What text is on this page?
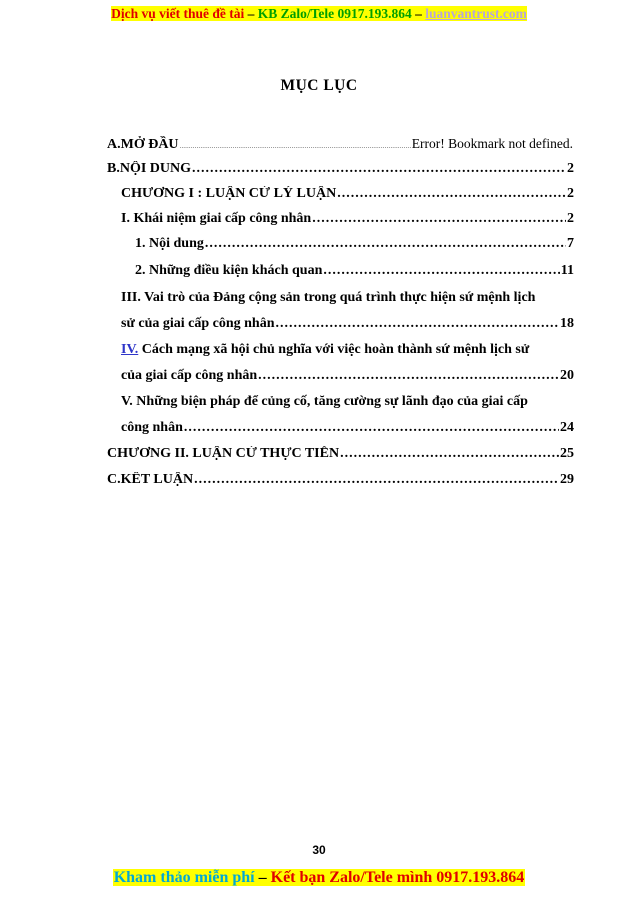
Dịch vụ viết thuê đề tài – KB Zalo/Tele 0917.193.864 – luanvantrust.com
MỤC LỤC
A.MỞ ĐẦU .....	Error! Bookmark not defined.
B.NỘI DUNG .....	2
CHƯƠNG I : LUẬN CỨ LÝ LUẬN .....	2
I. Khái niệm giai cấp công nhân .....	2
1. Nội dung .....	7
2. Những điều kiện khách quan .....	11
III. Vai trò của Đảng cộng sản trong quá trình thực hiện sứ mệnh lịch
sử của giai cấp công nhân .....	18
IV. Cách mạng xã hội chủ nghĩa với việc hoàn thành sứ mệnh lịch sử
của giai cấp công nhân .....	20
V. Những biện pháp để củng cố, tăng cường sự lãnh đạo của giai cấp
công nhân .....	24
CHƯƠNG II. LUẬN CỨ THỰC TIỄN .....	25
C.KẾT LUẬN .....	29
30
Kham thảo miễn phí – Kết bạn Zalo/Tele mình 0917.193.864
